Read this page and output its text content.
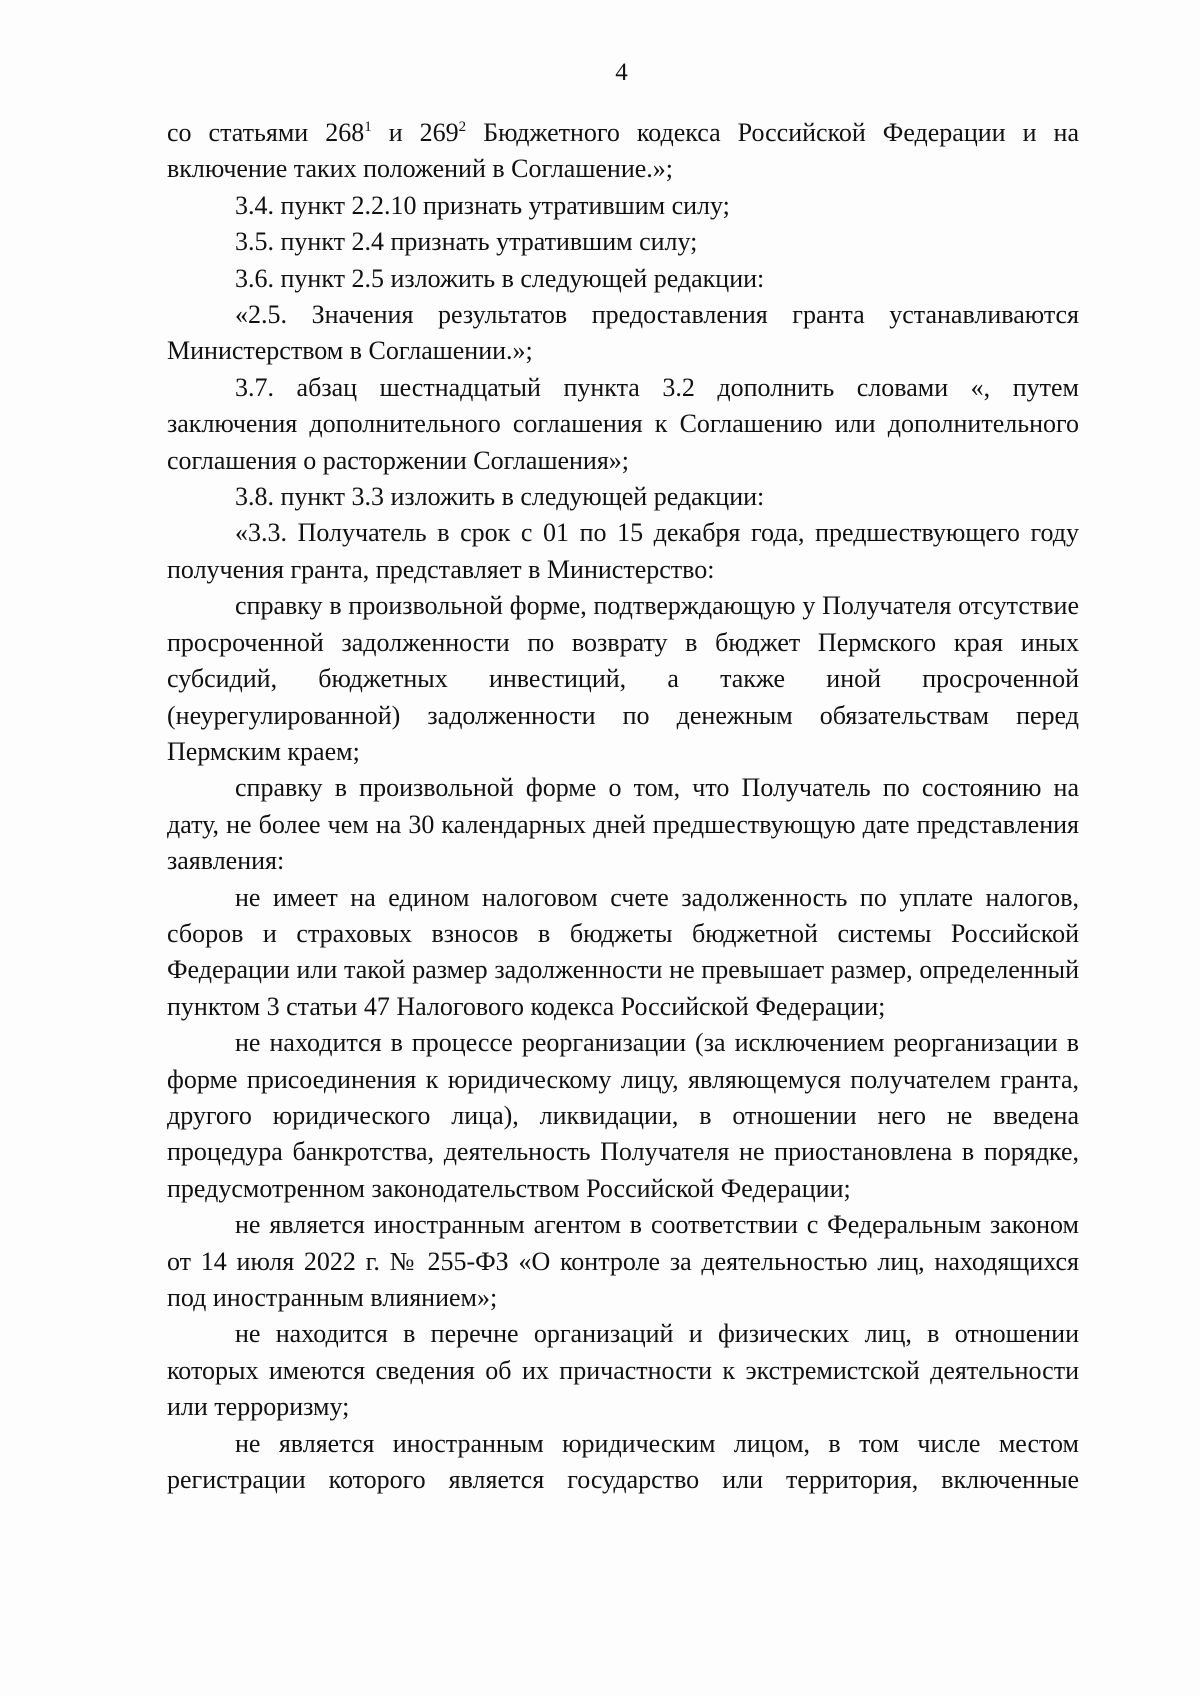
4

со статьями $268^1$ и $269^2$ Бюджетного кодекса Российской Федерации и на включение таких положений в Соглашение.»;

3.4. пункт 2.2.10 признать утратившим силу;

3.5. пункт 2.4 признать утратившим силу;

3.6. пункт 2.5 изложить в следующей редакции:

«2.5. Значения результатов предоставления гранта устанавливаются Министерством в Соглашении.»;

3.7. абзац шестнадцатый пункта 3.2 дополнить словами «, путем заключения дополнительного соглашения к Соглашению или дополнительного соглашения о расторжении Соглашения»;

3.8. пункт 3.3 изложить в следующей редакции:

«3.3. Получатель в срок с 01 по 15 декабря года, предшествующего году получения гранта, представляет в Министерство:

справку в произвольной форме, подтверждающую у Получателя отсутствие просроченной задолженности по возврату в бюджет Пермского края иных субсидий, бюджетных инвестиций, а также иной просроченной (неурегулированной) задолженности по денежным обязательствам перед Пермским краем;

справку в произвольной форме о том, что Получатель по состоянию на дату, не более чем на 30 календарных дней предшествующую дате представления заявления:

не имеет на едином налоговом счете задолженность по уплате налогов, сборов и страховых взносов в бюджеты бюджетной системы Российской Федерации или такой размер задолженности не превышает размер, определенный пунктом 3 статьи 47 Налогового кодекса Российской Федерации;

не находится в процессе реорганизации (за исключением реорганизации в форме присоединения к юридическому лицу, являющемуся получателем гранта, другого юридического лица), ликвидации, в отношении него не введена процедура банкротства, деятельность Получателя не приостановлена в порядке, предусмотренном законодательством Российской Федерации;

не является иностранным агентом в соответствии с Федеральным законом от 14 июля 2022 г. № 255-ФЗ «О контроле за деятельностью лиц, находящихся под иностранным влиянием»;

не находится в перечне организаций и физических лиц, в отношении которых имеются сведения об их причастности к экстремистской деятельности или терроризму;

не является иностранным юридическим лицом, в том числе местом регистрации которого является государство или территория, включенные
